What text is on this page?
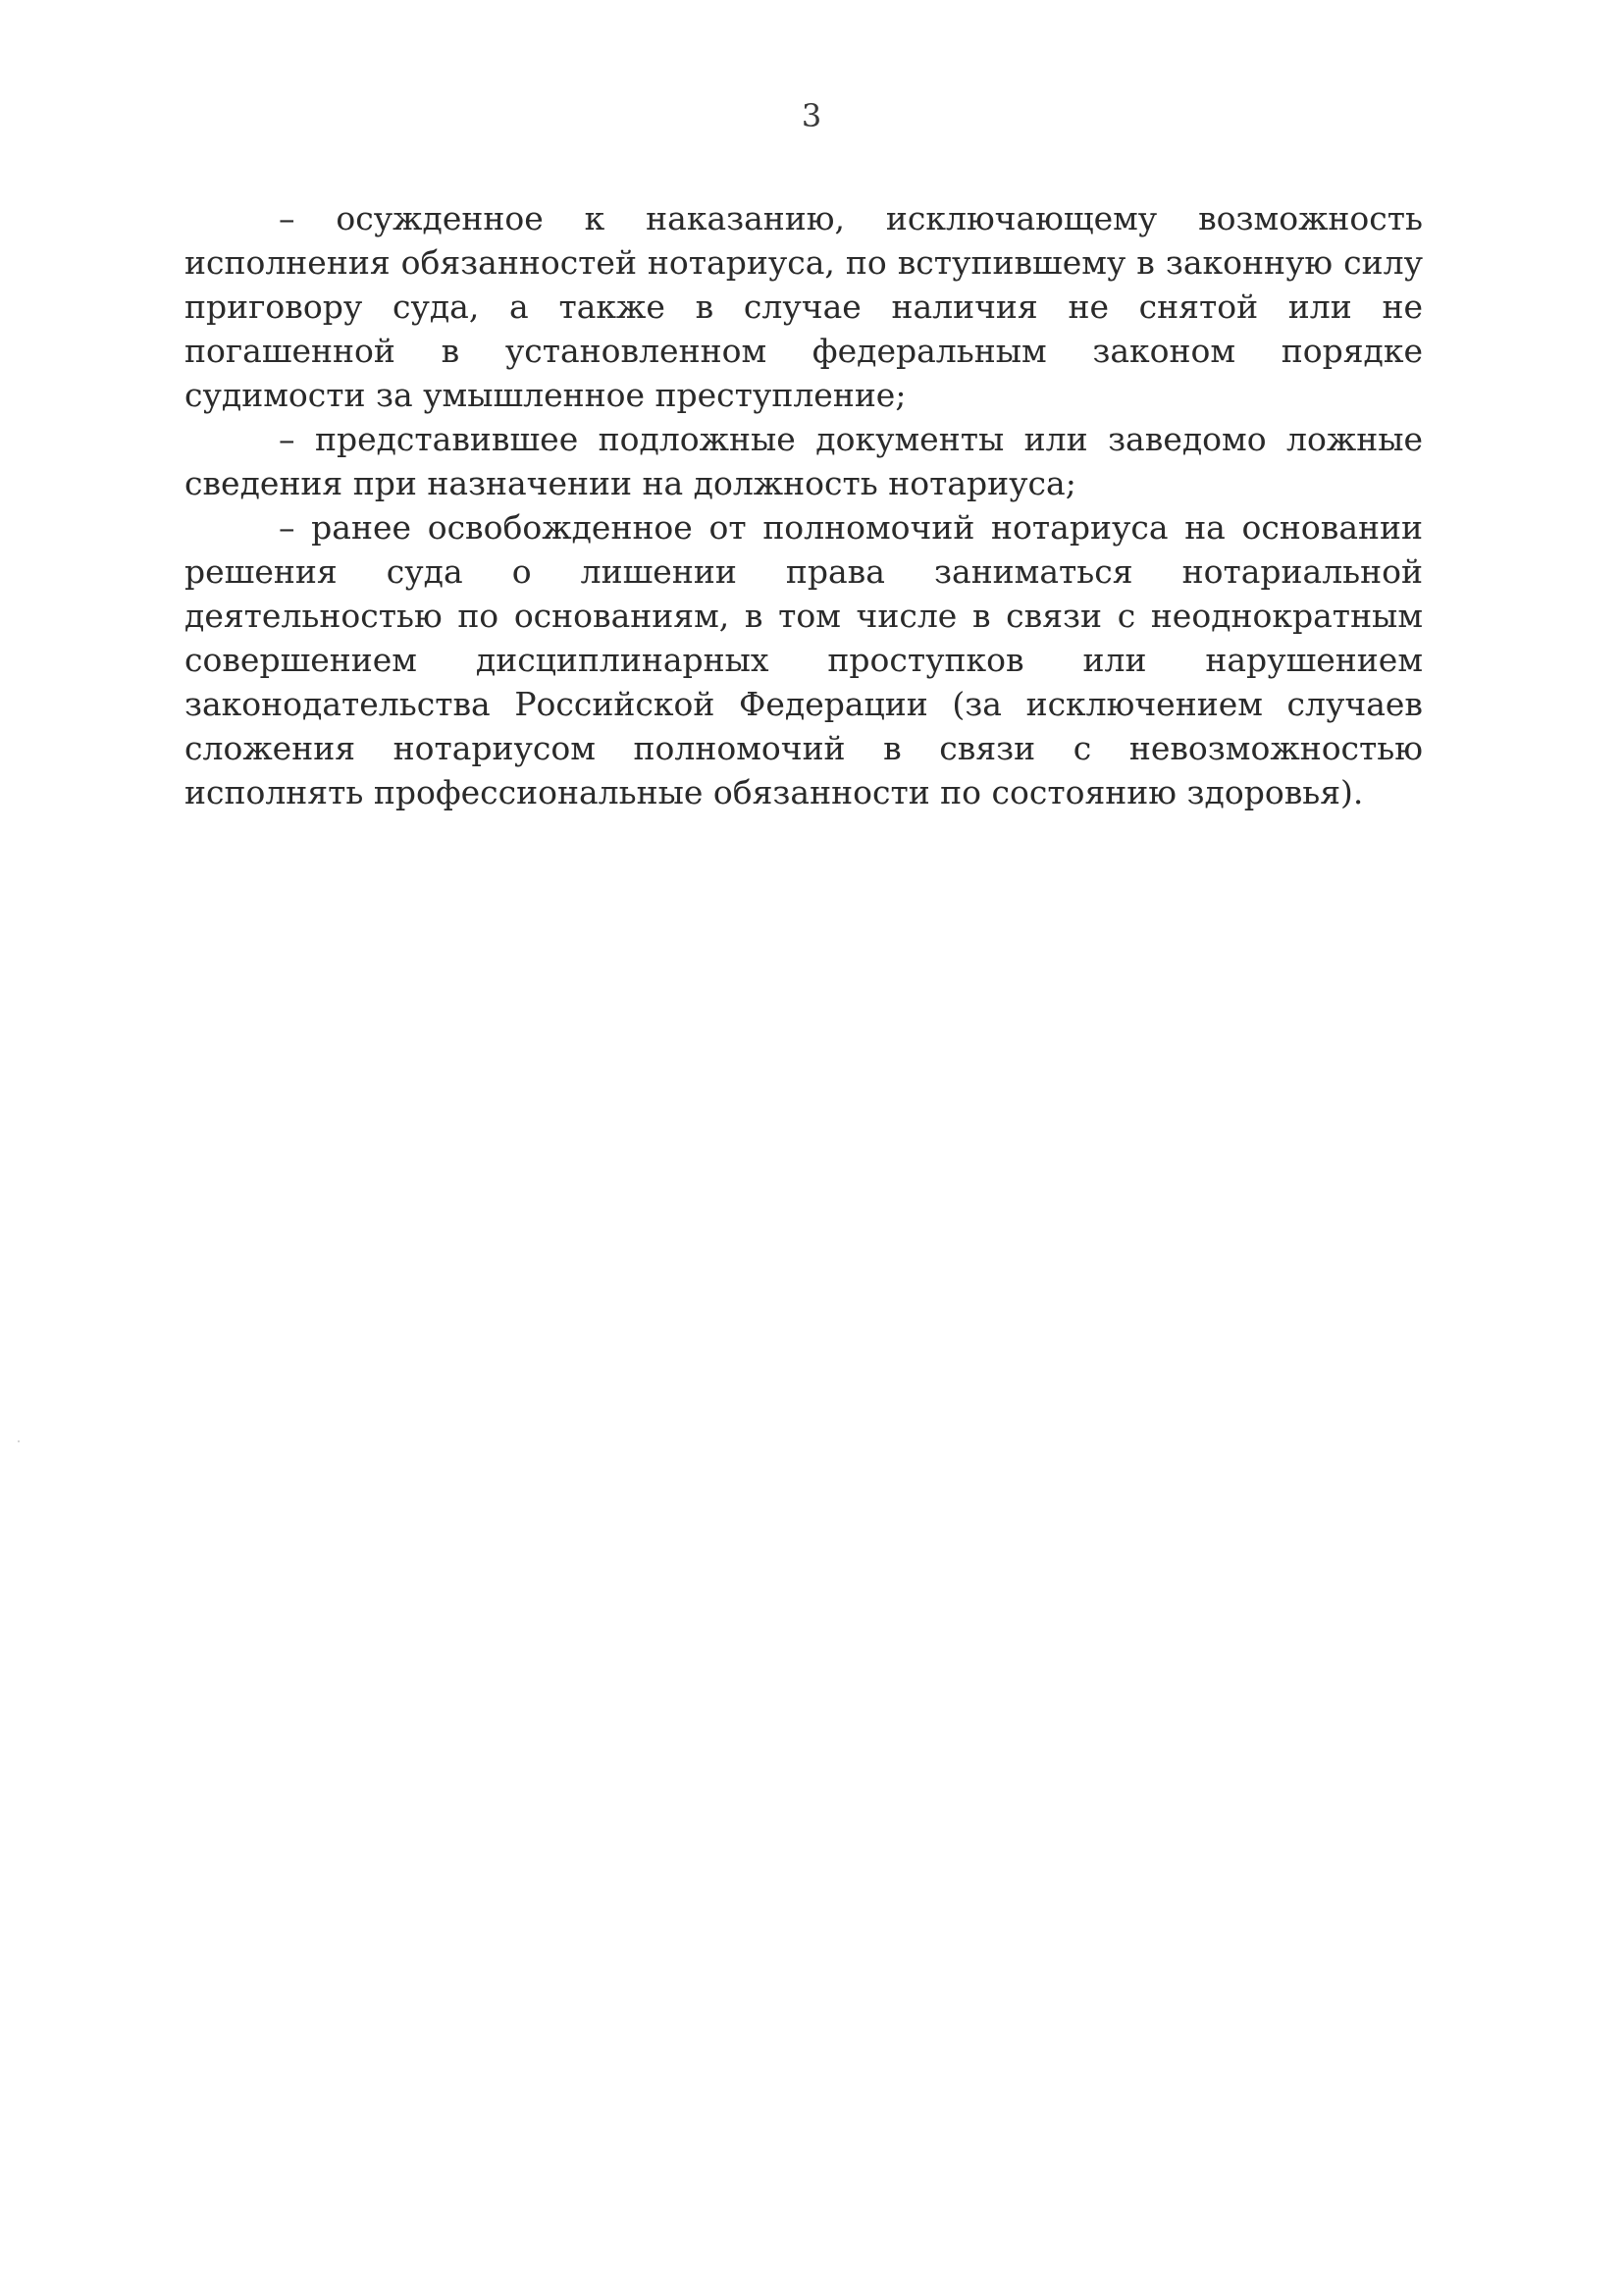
3

– осужденное к наказанию, исключающему возможность исполнения обязанностей нотариуса, по вступившему в законную силу приговору суда, а также в случае наличия не снятой или не погашенной в установленном федеральным законом порядке судимости за умышленное преступление;

– представившее подложные документы или заведомо ложные сведения при назначении на должность нотариуса;

– ранее освобожденное от полномочий нотариуса на основании решения суда о лишении права заниматься нотариальной деятельностью по основаниям, в том числе в связи с неоднократным совершением дисциплинарных проступков или нарушением законодательства Российской Федерации (за исключением случаев сложения нотариусом полномочий в связи с невозможностью исполнять профессиональные обязанности по состоянию здоровья).
